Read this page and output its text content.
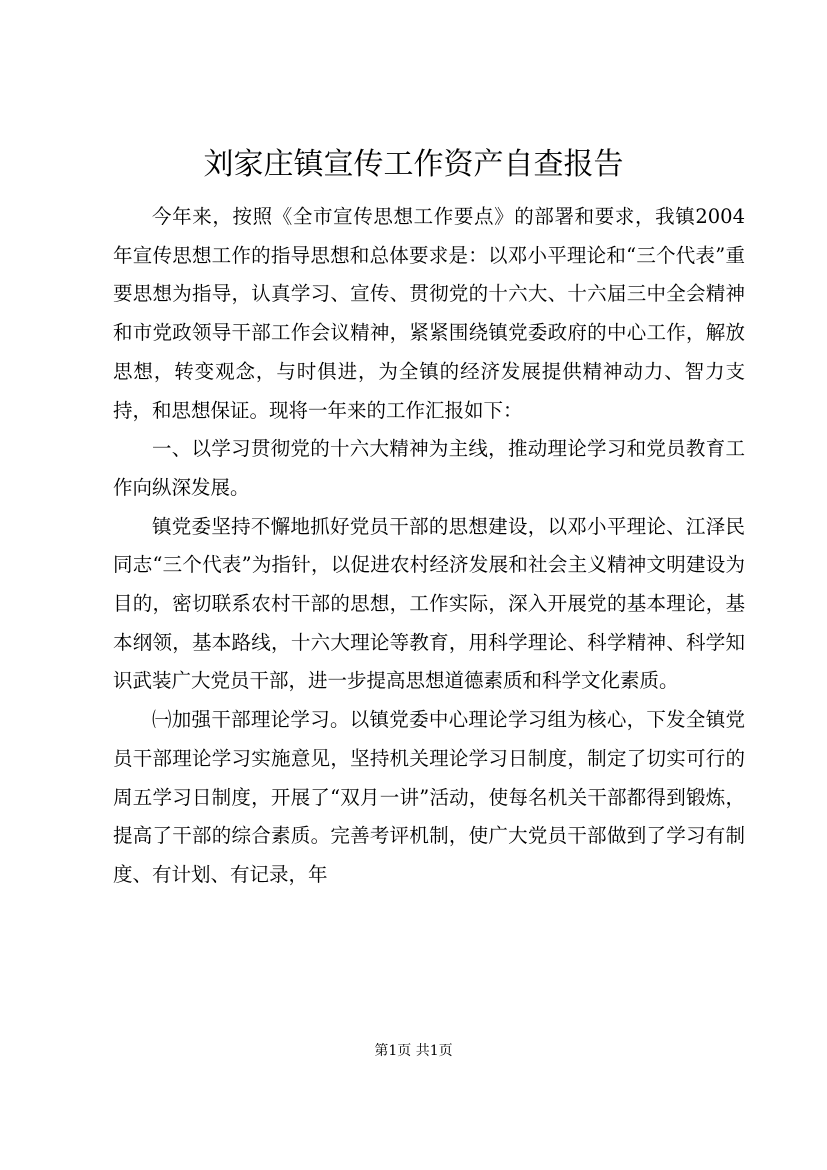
刘家庄镇宣传工作资产自查报告

今年来，按照《全市宣传思想工作要点》的部署和要求，我镇2004年宣传思想工作的指导思想和总体要求是：以邓小平理论和“三个代表”重要思想为指导，认真学习、宣传、贯彻党的十六大、十六届三中全会精神和市党政领导干部工作会议精神，紧紧围绕镇党委政府的中心工作，解放思想，转变观念，与时俱进，为全镇的经济发展提供精神动力、智力支持，和思想保证。现将一年来的工作汇报如下：

一、以学习贯彻党的十六大精神为主线，推动理论学习和党员教育工作向纵深发展。

镇党委坚持不懈地抓好党员干部的思想建设，以邓小平理论、江泽民同志“三个代表”为指针，以促进农村经济发展和社会主义精神文明建设为目的，密切联系农村干部的思想，工作实际，深入开展党的基本理论，基本纲领，基本路线，十六大理论等教育，用科学理论、科学精神、科学知识武装广大党员干部，进一步提高思想道德素质和科学文化素质。

㈠加强干部理论学习。以镇党委中心理论学习组为核心，下发全镇党员干部理论学习实施意见，坚持机关理论学习日制度，制定了切实可行的周五学习日制度，开展了“双月一讲”活动，使每名机关干部都得到锻炼，提高了干部的综合素质。完善考评机制，使广大党员干部做到了学习有制度、有计划、有记录，年

第1页 共1页
